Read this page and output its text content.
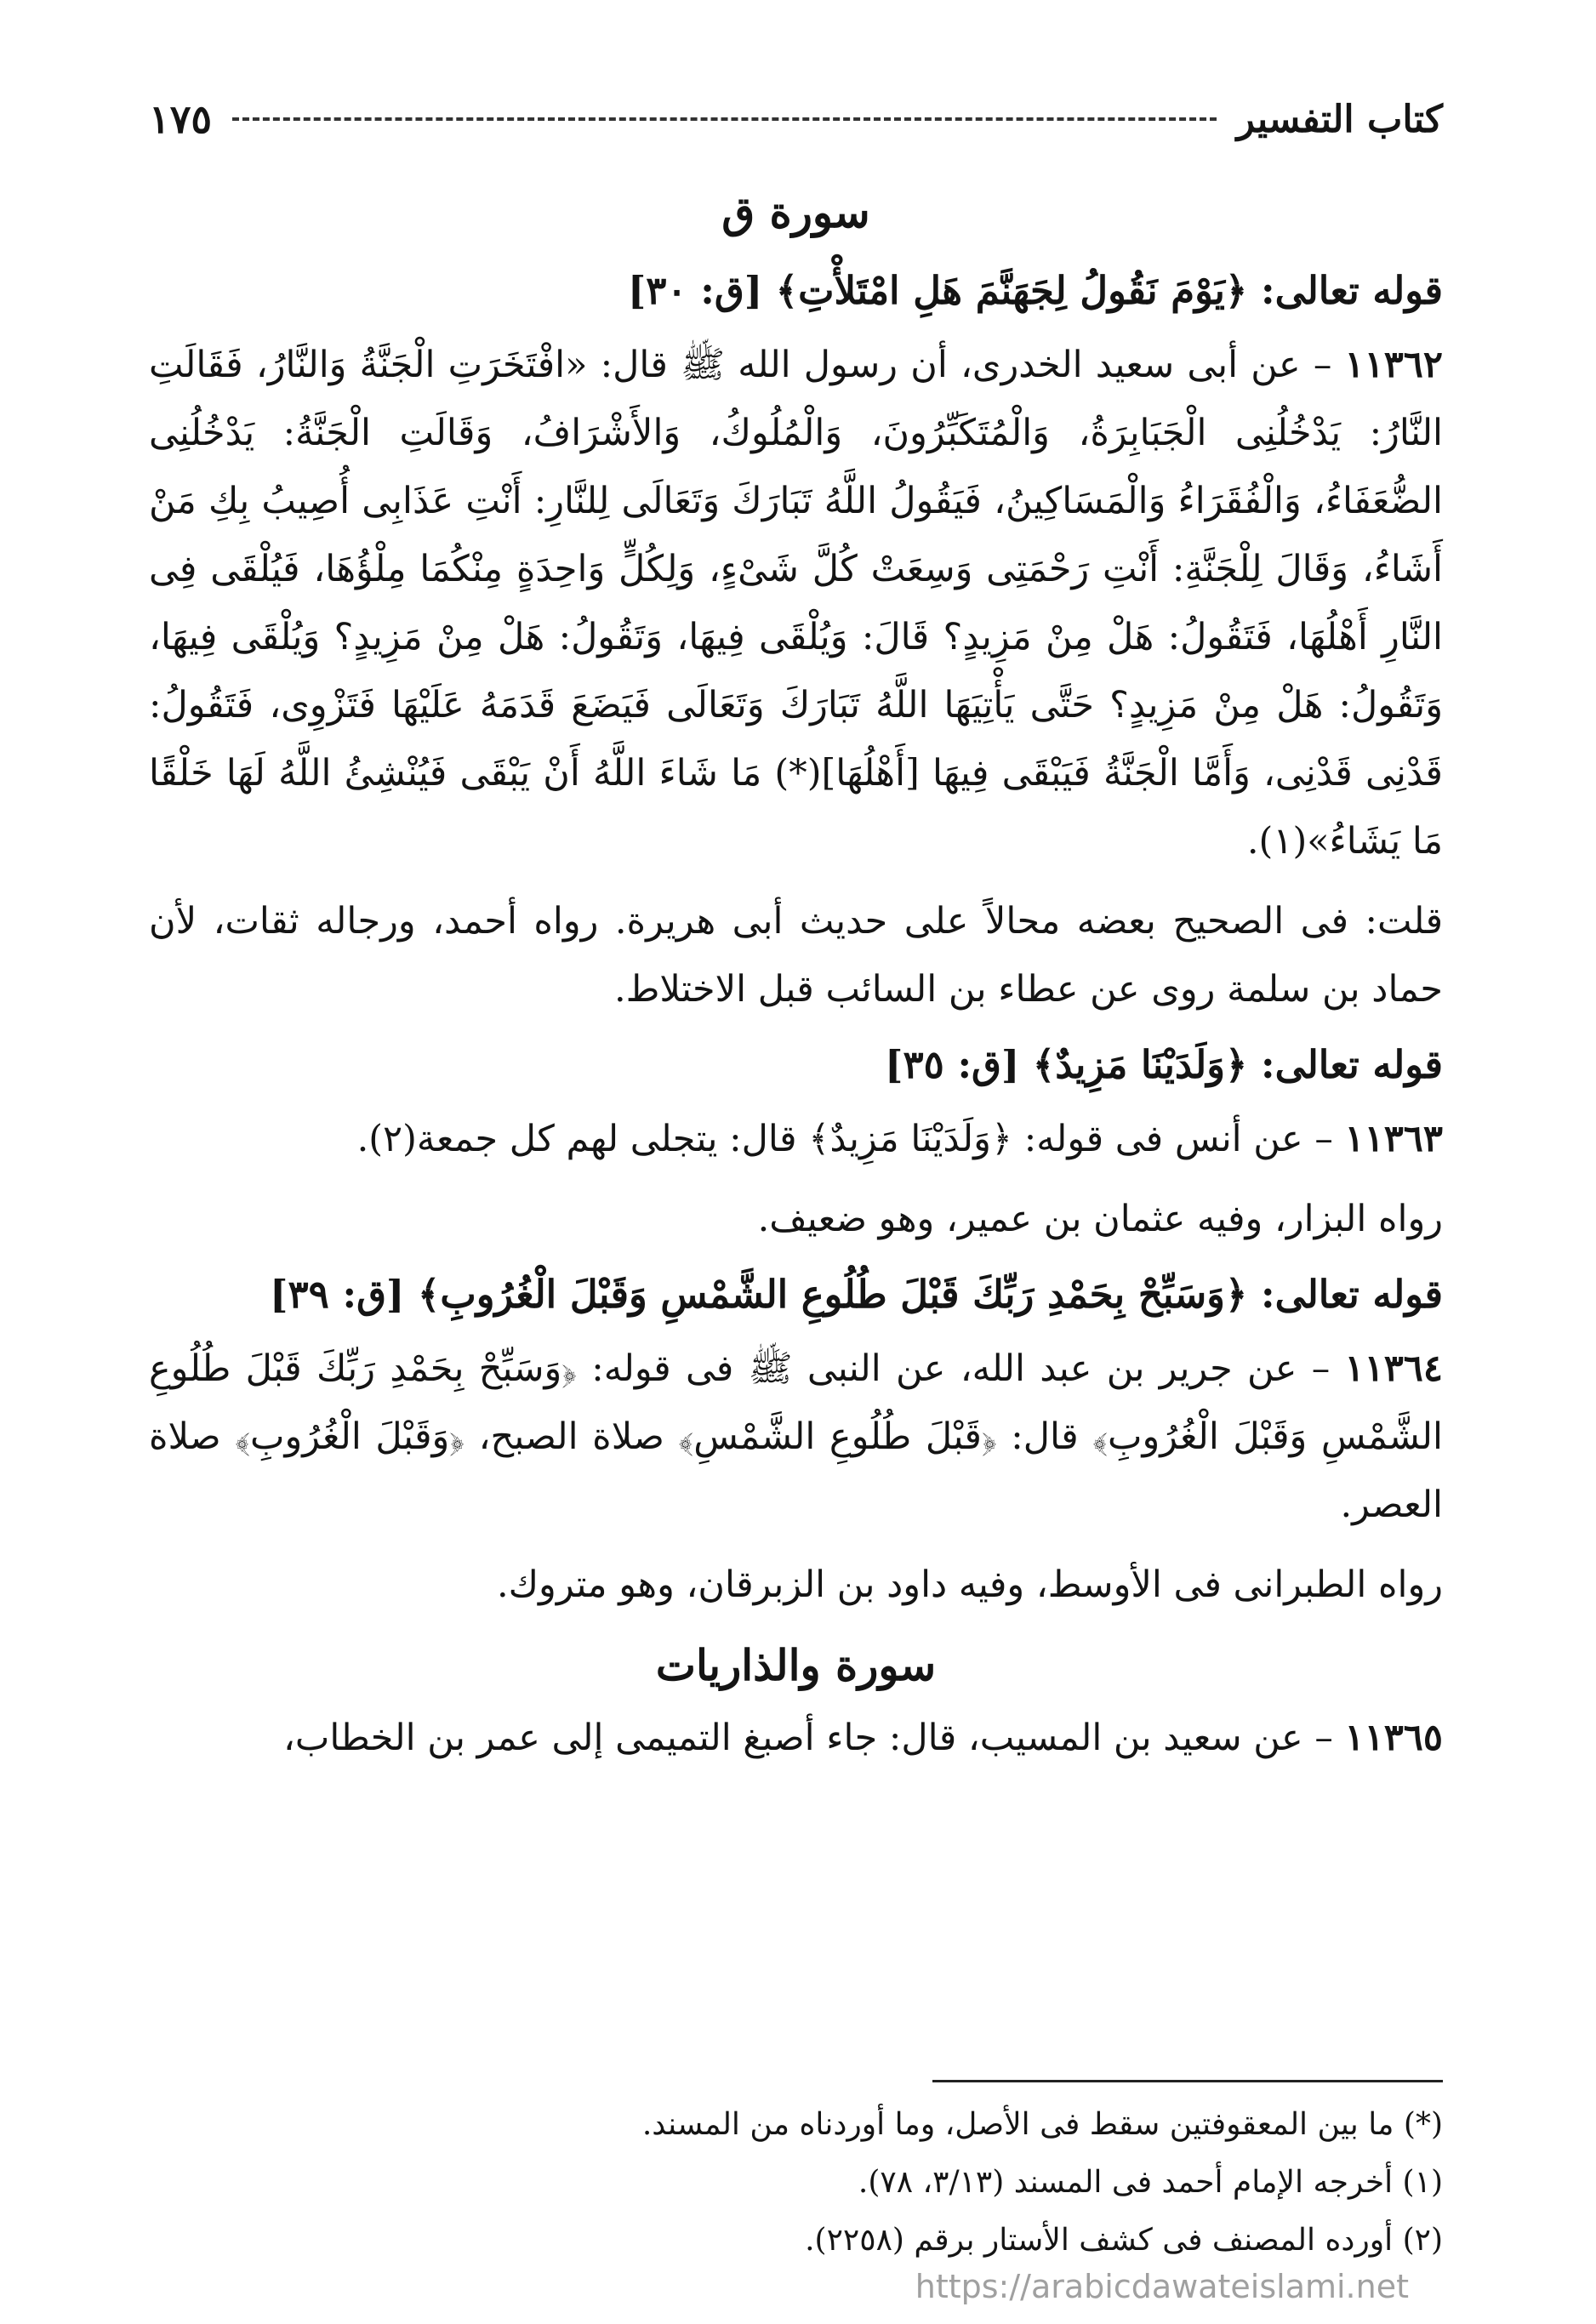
كتاب التفسير
١٧٥
سورة ق
قوله تعالى: ﴿يَوْمَ نَقُولُ لِجَهَنَّمَ هَلِ امْتَلأْتِ﴾ [ق: ٣٠]

١١٣٦٢ – عن أبى سعيد الخدرى، أن رسول الله ﷺ قال: «افْتَخَرَتِ الْجَنَّةُ وَالنَّارُ، فَقَالَتِ النَّارُ: يَدْخُلُنِى الْجَبَابِرَةُ، وَالْمُتَكَبِّرُونَ، وَالْمُلُوكُ، وَالأَشْرَافُ، وَقَالَتِ الْجَنَّةُ: يَدْخُلُنِى الضُّعَفَاءُ، وَالْفُقَرَاءُ وَالْمَسَاكِينُ، فَيَقُولُ اللَّهُ تَبَارَكَ وَتَعَالَى لِلنَّارِ: أَنْتِ عَذَابِى أُصِيبُ بِكِ مَنْ أَشَاءُ، وَقَالَ لِلْجَنَّةِ: أَنْتِ رَحْمَتِى وَسِعَتْ كُلَّ شَىْءٍ، وَلِكُلٍّ وَاحِدَةٍ مِنْكُمَا مِلْؤُهَا، فَيُلْقَى فِى النَّارِ أَهْلُهَا، فَتَقُولُ: هَلْ مِنْ مَزِيدٍ؟ قَالَ: وَيُلْقَى فِيهَا، وَتَقُولُ: هَلْ مِنْ مَزِيدٍ؟ وَيُلْقَى فِيهَا، وَتَقُولُ: هَلْ مِنْ مَزِيدٍ؟ حَتَّى يَأْتِيَهَا اللَّهُ تَبَارَكَ وَتَعَالَى فَيَضَعَ قَدَمَهُ عَلَيْهَا فَتَزْوِى، فَتَقُولُ: قَدْنِى قَدْنِى، وَأَمَّا الْجَنَّةُ فَيَبْقَى فِيهَا [أَهْلُهَا](*) مَا شَاءَ اللَّهُ أَنْ يَبْقَى فَيُنْشِئُ اللَّهُ لَهَا خَلْقًا مَا يَشَاءُ»(١).

قلت: فى الصحيح بعضه محالاً على حديث أبى هريرة. رواه أحمد، ورجاله ثقات، لأن حماد بن سلمة روى عن عطاء بن السائب قبل الاختلاط.

قوله تعالى: ﴿وَلَدَيْنَا مَزِيدٌ﴾ [ق: ٣٥]

١١٣٦٣ – عن أنس فى قوله: ﴿وَلَدَيْنَا مَزِيدٌ﴾ قال: يتجلى لهم كل جمعة(٢).

رواه البزار، وفيه عثمان بن عمير، وهو ضعيف.

قوله تعالى: ﴿وَسَبِّحْ بِحَمْدِ رَبِّكَ قَبْلَ طُلُوعِ الشَّمْسِ وَقَبْلَ الْغُرُوبِ﴾ [ق: ٣٩]

١١٣٦٤ – عن جرير بن عبد الله، عن النبى ﷺ فى قوله: ﴿وَسَبِّحْ بِحَمْدِ رَبِّكَ قَبْلَ طُلُوعِ الشَّمْسِ وَقَبْلَ الْغُرُوبِ﴾ قال: ﴿قَبْلَ طُلُوعِ الشَّمْسِ﴾ صلاة الصبح، ﴿وَقَبْلَ الْغُرُوبِ﴾ صلاة العصر.

رواه الطبرانى فى الأوسط، وفيه داود بن الزبرقان، وهو متروك.

سورة والذاريات

١١٣٦٥ – عن سعيد بن المسيب، قال: جاء أصبغ التميمى إلى عمر بن الخطاب،

(*) ما بين المعقوفتين سقط فى الأصل، وما أوردناه من المسند.

(١) أخرجه الإمام أحمد فى المسند (٣/١٣، ٧٨).

(٢) أورده المصنف فى كشف الأستار برقم (٢٢٥٨).

https://arabicdawateislami.net
